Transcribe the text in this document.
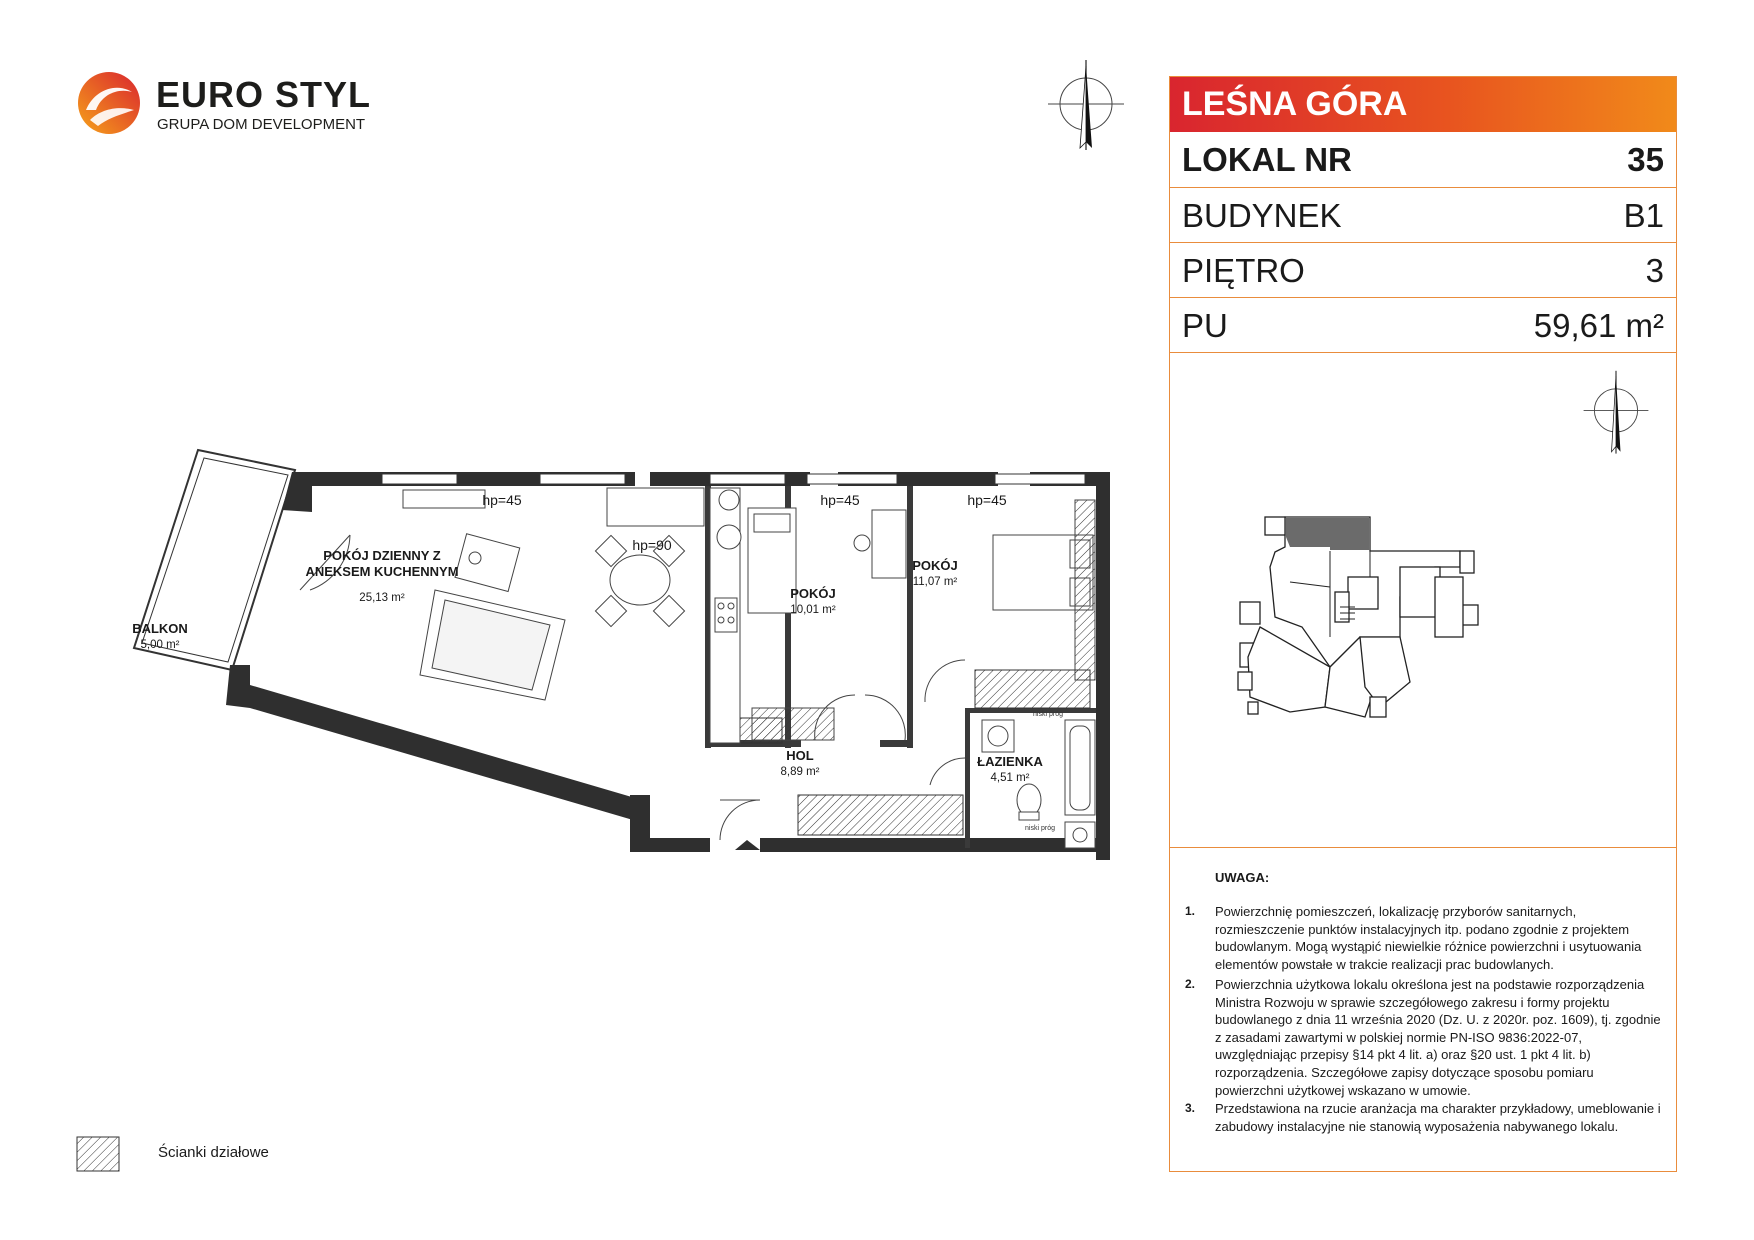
EURO STYL
GRUPA DOM DEVELOPMENT
LEŚNA GÓRA
LOKAL NR	35
BUDYNEK	B1
PIĘTRO	3
PU	59,61 m²
UWAGA:
1. Powierzchnię pomieszczeń, lokalizację przyborów sanitarnych, rozmieszczenie punktów instalacyjnych itp. podano zgodnie z projektem budowlanym. Mogą wystąpić niewielkie różnice powierzchni i usytuowania elementów powstałe w trakcie realizacji prac budowlanych.
2. Powierzchnia użytkowa lokalu określona jest na podstawie rozporządzenia Ministra Rozwoju w sprawie szczegółowego zakresu i formy projektu budowlanego z dnia 11 września 2020 (Dz. U. z 2020r. poz. 1609), tj. zgodnie z zasadami zawartymi w polskiej normie PN-ISO 9836:2022-07, uwzględniając przepisy §14 pkt 4 lit. a) oraz §20 ust. 1 pkt 4 lit. b) rozporządzenia. Szczegółowe zapisy dotyczące sposobu pomiaru powierzchni użytkowej wskazano w umowie.
3. Przedstawiona na rzucie aranżacja ma charakter przykładowy, umeblowanie i zabudowy instalacyjne nie stanowią wyposażenia nabywanego lokalu.
hp=45
hp=90
hp=45	hp=45
niski próg
niski próg
BALKON
5,00 m²
POKÓJ DZIENNY Z
ANEKSEM KUCHENNYM
25,13 m²	POKÓJ
10,01 m²
POKÓJ
11,07 m²
HOL
8,89 m²
ŁAZIENKA
4,51 m²
Ścianki działowe
